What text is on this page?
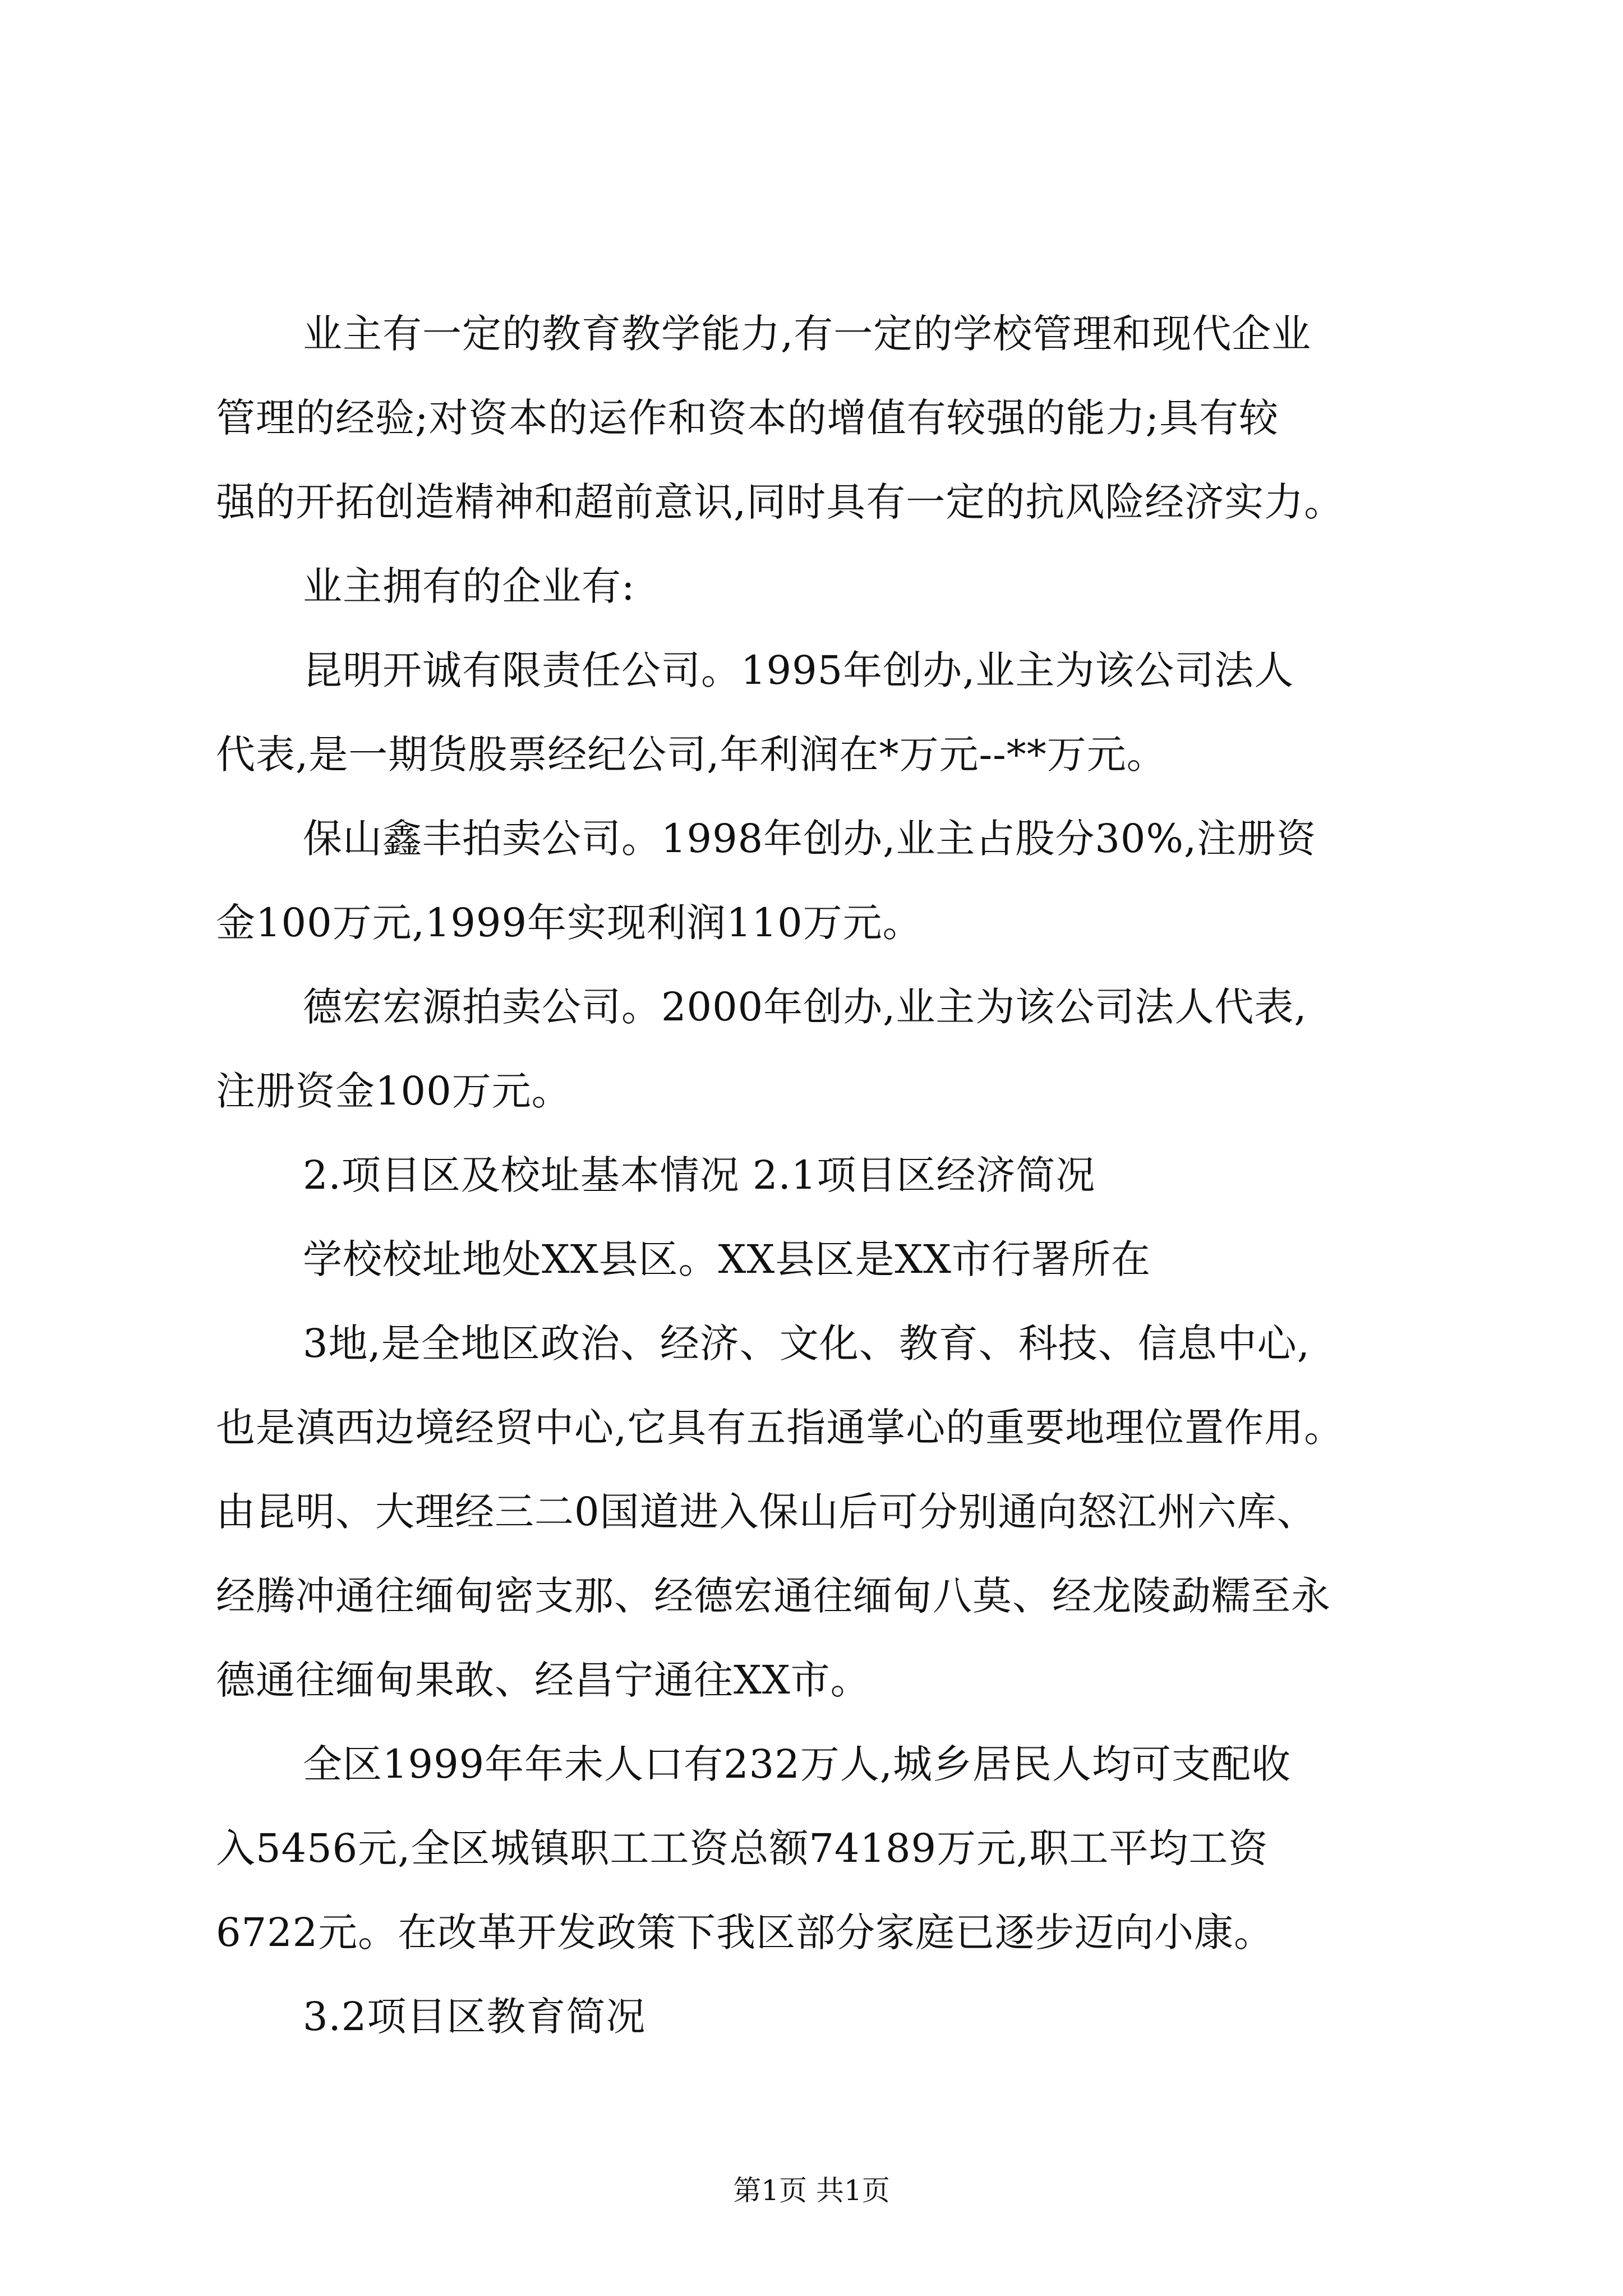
业主有一定的教育教学能力,有一定的学校管理和现代企业
管理的经验;对资本的运作和资本的增值有较强的能力;具有较
强的开拓创造精神和超前意识,同时具有一定的抗风险经济实力。
业主拥有的企业有:
昆明开诚有限责任公司。1995年创办,业主为该公司法人
代表,是一期货股票经纪公司,年利润在*万元--**万元。
保山鑫丰拍卖公司。1998年创办,业主占股分30%,注册资
金100万元,1999年实现利润110万元。
德宏宏源拍卖公司。2000年创办,业主为该公司法人代表,
注册资金100万元。
2.项目区及校址基本情况 2.1项目区经济简况
学校校址地处XX县区。XX县区是XX市行署所在
3地,是全地区政治、经济、文化、教育、科技、信息中心,
也是滇西边境经贸中心,它具有五指通掌心的重要地理位置作用。
由昆明、大理经三二0国道进入保山后可分别通向怒江州六库、
经腾冲通往缅甸密支那、经德宏通往缅甸八莫、经龙陵勐糯至永
德通往缅甸果敢、经昌宁通往XX市。
全区1999年年未人口有232万人,城乡居民人均可支配收
入5456元,全区城镇职工工资总额74189万元,职工平均工资
6722元。在改革开发政策下我区部分家庭已逐步迈向小康。
3.2项目区教育简况
第1页 共1页
